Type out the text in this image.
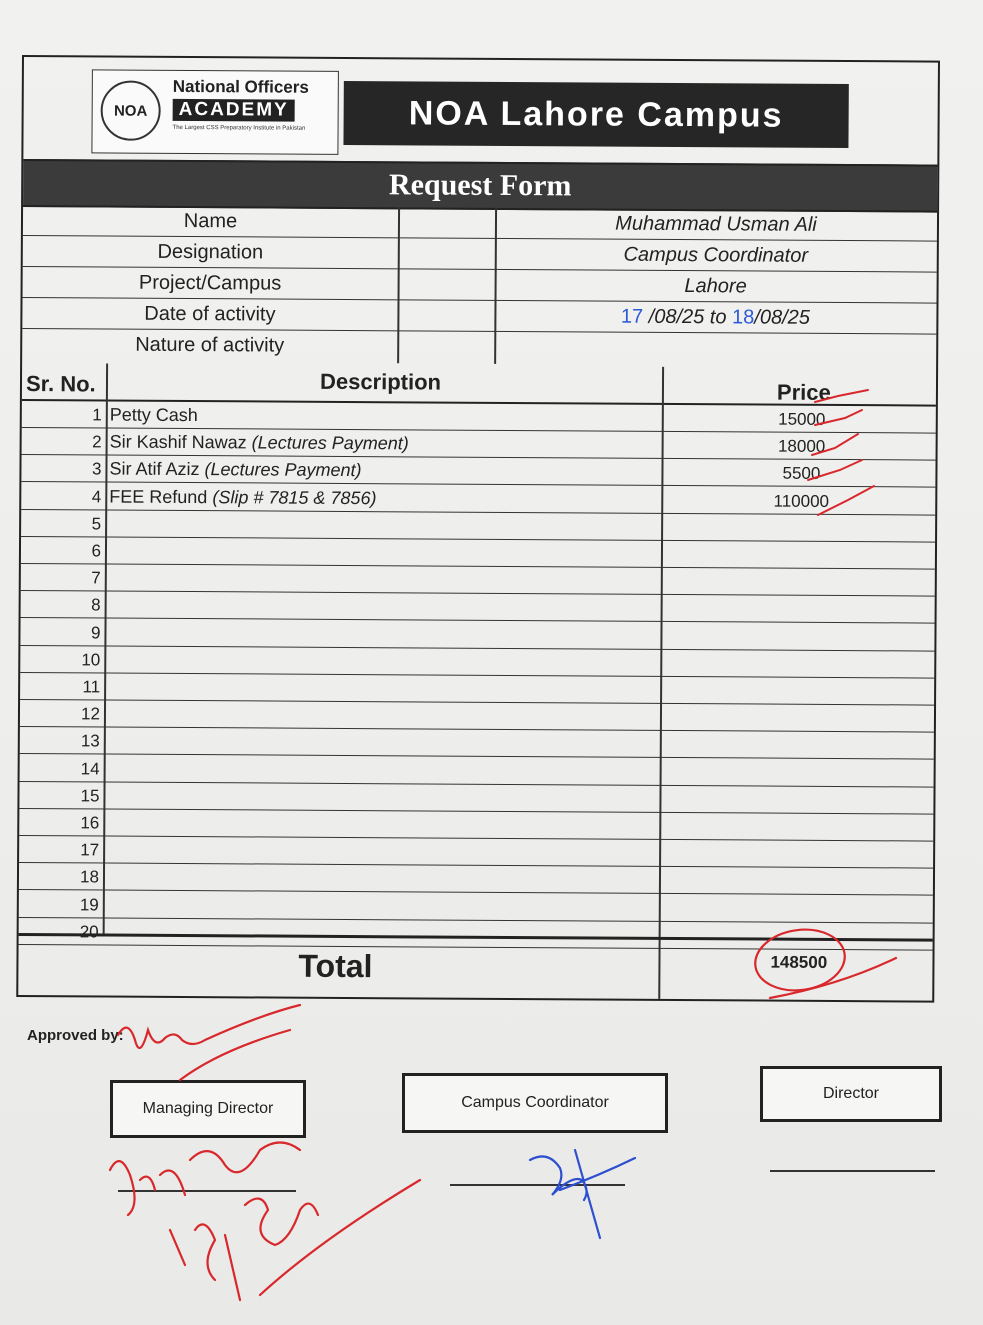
NOA
National Officers
ACADEMY
The Largest CSS Preparatory Institute in Pakistan	NOA Lahore Campus
Request Form
Name	Muhammad Usman Ali
Designation	Campus Coordinator
Project/Campus	Lahore
Date of activity	17 /08/25 to 18/08/25
Nature of activity
Sr. No.	Description	Price
1 Petty Cash	15000
2 Sir Kashif Nawaz (Lectures Payment)	18000
3 Sir Atif Aziz (Lectures Payment)	5500
4 FEE Refund (Slip # 7815 & 7856)	110000
5
6
7
8
9
10
11
12
13
14
15
16
17
18
19
20
Total	148500
Approved by:
Managing Director	Campus Coordinator
Director
